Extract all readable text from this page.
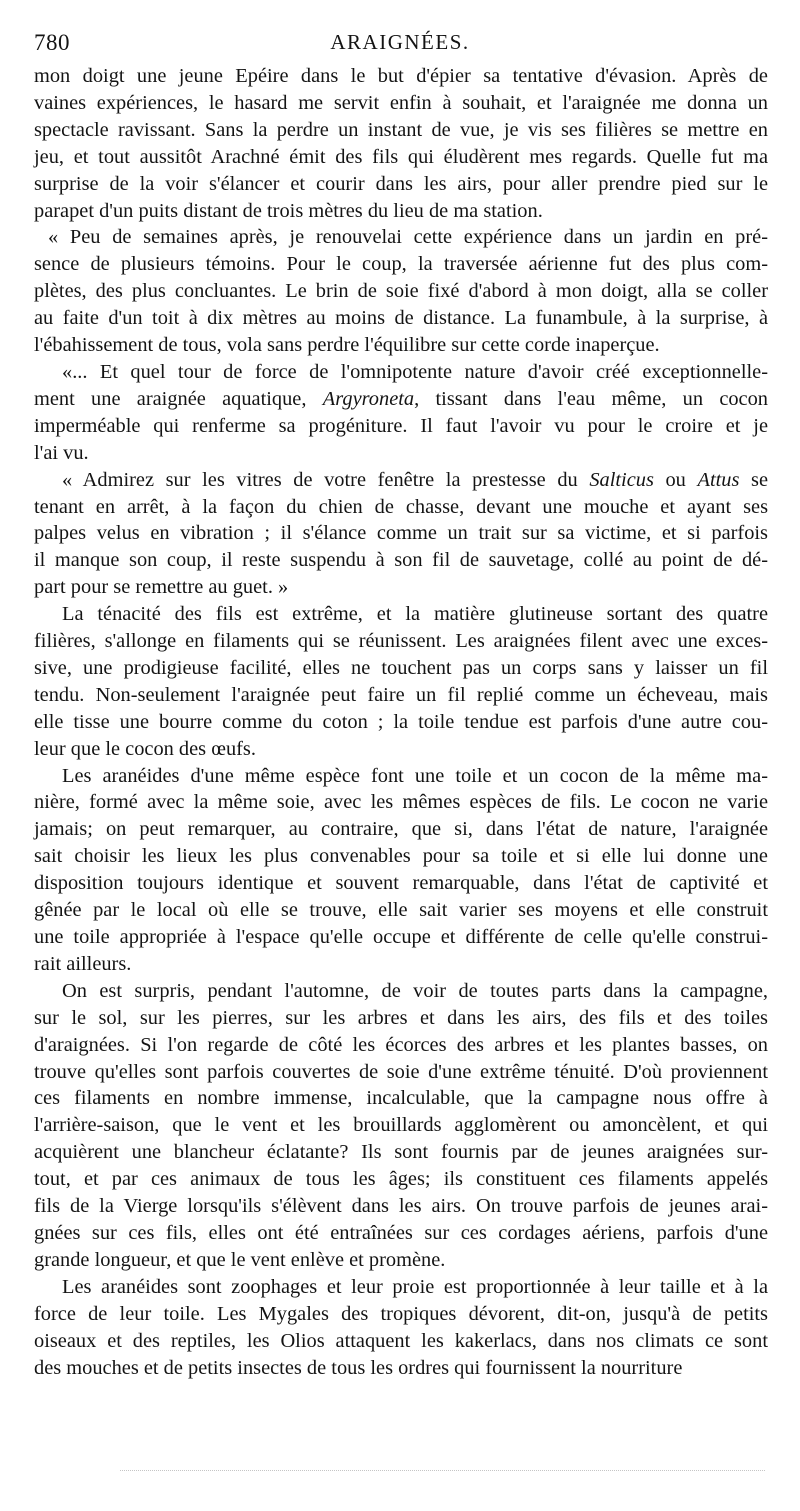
780	ARAIGNÉES.
mon doigt une jeune Epéire dans le but d'épier sa tentative d'évasion. Après de
vaines expériences, le hasard me servit enfin à souhait, et l'araignée me donna un
spectacle ravissant. Sans la perdre un instant de vue, je vis ses filières se mettre en
jeu, et tout aussitôt Arachné émit des fils qui éludèrent mes regards. Quelle fut ma
surprise de la voir s'élancer et courir dans les airs, pour aller prendre pied sur le
parapet d'un puits distant de trois mètres du lieu de ma station.
« Peu de semaines après, je renouvelai cette expérience dans un jardin en pré-
sence de plusieurs témoins. Pour le coup, la traversée aérienne fut des plus com-
plètes, des plus concluantes. Le brin de soie fixé d'abord à mon doigt, alla se coller
au faite d'un toit à dix mètres au moins de distance. La funambule, à la surprise, à
l'ébahissement de tous, vola sans perdre l'équilibre sur cette corde inaperçue.
«... Et quel tour de force de l'omnipotente nature d'avoir créé exceptionnelle-
ment une araignée aquatique, Argyroneta, tissant dans l'eau même, un cocon
imperméable qui renferme sa progéniture. Il faut l'avoir vu pour le croire et je
l'ai vu.
« Admirez sur les vitres de votre fenêtre la prestesse du Salticus ou Attus se
tenant en arrêt, à la façon du chien de chasse, devant une mouche et ayant ses
palpes velus en vibration ; il s'élance comme un trait sur sa victime, et si parfois
il manque son coup, il reste suspendu à son fil de sauvetage, collé au point de dé-
part pour se remettre au guet. »
La ténacité des fils est extrême, et la matière glutineuse sortant des quatre
filières, s'allonge en filaments qui se réunissent. Les araignées filent avec une exces-
sive, une prodigieuse facilité, elles ne touchent pas un corps sans y laisser un fil
tendu. Non-seulement l'araignée peut faire un fil replié comme un écheveau, mais
elle tisse une bourre comme du coton ; la toile tendue est parfois d'une autre cou-
leur que le cocon des œufs.
Les aranéides d'une même espèce font une toile et un cocon de la même ma-
nière, formé avec la même soie, avec les mêmes espèces de fils. Le cocon ne varie
jamais; on peut remarquer, au contraire, que si, dans l'état de nature, l'araignée
sait choisir les lieux les plus convenables pour sa toile et si elle lui donne une
disposition toujours identique et souvent remarquable, dans l'état de captivité et
gênée par le local où elle se trouve, elle sait varier ses moyens et elle construit
une toile appropriée à l'espace qu'elle occupe et différente de celle qu'elle construi-
rait ailleurs.
On est surpris, pendant l'automne, de voir de toutes parts dans la campagne,
sur le sol, sur les pierres, sur les arbres et dans les airs, des fils et des toiles
d'araignées. Si l'on regarde de côté les écorces des arbres et les plantes basses, on
trouve qu'elles sont parfois couvertes de soie d'une extrême ténuité. D'où proviennent
ces filaments en nombre immense, incalculable, que la campagne nous offre à
l'arrière-saison, que le vent et les brouillards agglomèrent ou amoncèlent, et qui
acquièrent une blancheur éclatante? Ils sont fournis par de jeunes araignées sur-
tout, et par ces animaux de tous les âges; ils constituent ces filaments appelés
fils de la Vierge lorsqu'ils s'élèvent dans les airs. On trouve parfois de jeunes arai-
gnées sur ces fils, elles ont été entraînées sur ces cordages aériens, parfois d'une
grande longueur, et que le vent enlève et promène.
Les aranéides sont zoophages et leur proie est proportionnée à leur taille et à la
force de leur toile. Les Mygales des tropiques dévorent, dit-on, jusqu'à de petits
oiseaux et des reptiles, les Olios attaquent les kakerlacs, dans nos climats ce sont
des mouches et de petits insectes de tous les ordres qui fournissent la nourriture
